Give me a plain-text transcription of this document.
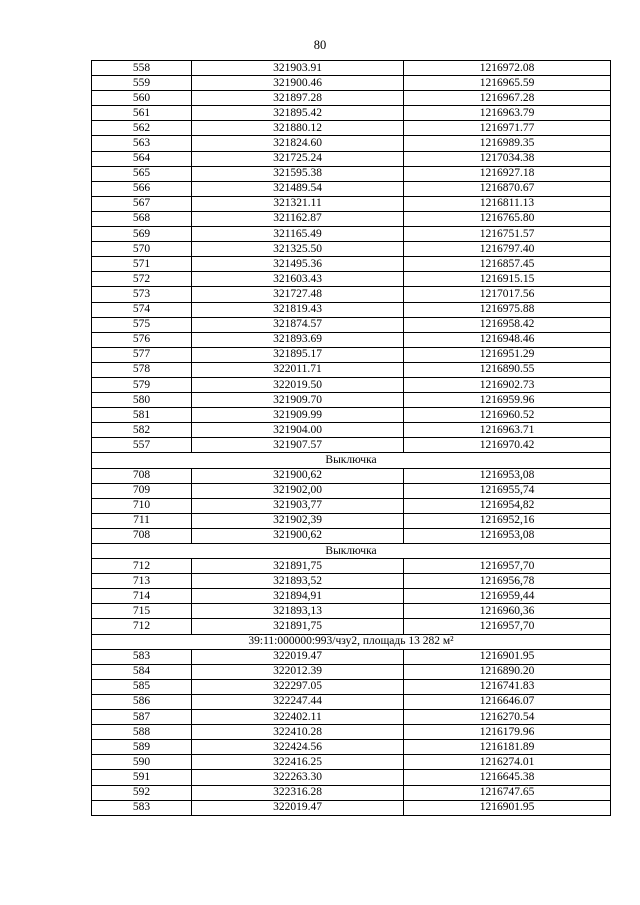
80
558	321903.91	1216972.08
559	321900.46	1216965.59
560	321897.28	1216967.28
561	321895.42	1216963.79
562	321880.12	1216971.77
563	321824.60	1216989.35
564	321725.24	1217034.38
565	321595.38	1216927.18
566	321489.54	1216870.67
567	321321.11	1216811.13
568	321162.87	1216765.80
569	321165.49	1216751.57
570	321325.50	1216797.40
571	321495.36	1216857.45
572	321603.43	1216915.15
573	321727.48	1217017.56
574	321819.43	1216975.88
575	321874.57	1216958.42
576	321893.69	1216948.46
577	321895.17	1216951.29
578	322011.71	1216890.55
579	322019.50	1216902.73
580	321909.70	1216959.96
581	321909.99	1216960.52
582	321904.00	1216963.71
557	321907.57	1216970.42
Выключка		
708	321900,62	1216953,08
709	321902,00	1216955,74
710	321903,77	1216954,82
711	321902,39	1216952,16
708	321900,62	1216953,08
Выключка		
712	321891,75	1216957,70
713	321893,52	1216956,78
714	321894,91	1216959,44
715	321893,13	1216960,36
712	321891,75	1216957,70
39:11:000000:993/чзу2, площадь 13 282 м²		
583	322019.47	1216901.95
584	322012.39	1216890.20
585	322297.05	1216741.83
586	322247.44	1216646.07
587	322402.11	1216270.54
588	322410.28	1216179.96
589	322424.56	1216181.89
590	322416.25	1216274.01
591	322263.30	1216645.38
592	322316.28	1216747.65
583	322019.47	1216901.95
